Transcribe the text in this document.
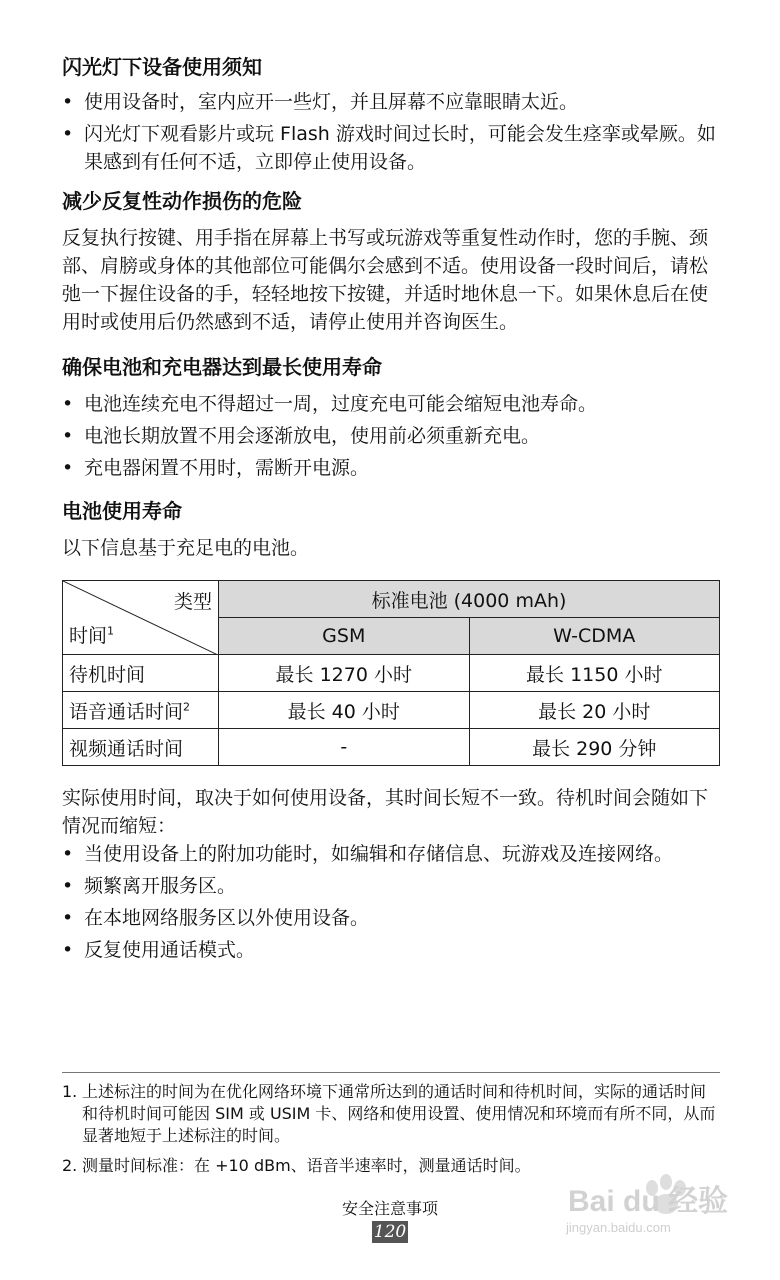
闪光灯下设备使用须知
• 使用设备时，室内应开一些灯，并且屏幕不应靠眼睛太近。
• 闪光灯下观看影片或玩 Flash 游戏时间过长时，可能会发生痉挛或晕厥。如果感到有任何不适，立即停止使用设备。
减少反复性动作损伤的危险

反复执行按键、用手指在屏幕上书写或玩游戏等重复性动作时，您的手腕、颈部、肩膀或身体的其他部位可能偶尔会感到不适。使用设备一段时间后，请松弛一下握住设备的手，轻轻地按下按键，并适时地休息一下。如果休息后在使用时或使用后仍然感到不适，请停止使用并咨询医生。

确保电池和充电器达到最长使用寿命
• 电池连续充电不得超过一周，过度充电可能会缩短电池寿命。
• 电池长期放置不用会逐渐放电，使用前必须重新充电。
• 充电器闲置不用时，需断开电源。
电池使用寿命

以下信息基于充足电的电池。

类型
时间$^1$	标准电池 (4000 mAh)	
	GSM	W-CDMA
待机时间	最长 1270 小时	最长 1150 小时
语音通话时间$^2$	最长 40 小时	最长 20 小时
视频通话时间	-	最长 290 分钟

实际使用时间，取决于如何使用设备，其时间长短不一致。待机时间会随如下情况而缩短：

• 当使用设备上的附加功能时，如编辑和存储信息、玩游戏及连接网络。
• 频繁离开服务区。
• 在本地网络服务区以外使用设备。
• 反复使用通话模式。
1. 上述标注的时间为在优化网络环境下通常所达到的通话时间和待机时间，实际的通话时间和待机时间可能因 SIM 或 USIM 卡、网络和使用设置、使用情况和环境而有所不同，从而显著地短于上述标注的时间。
2. 测量时间标准：在 +10 dBm、语音半速率时，测量通话时间。
安全注意事项
120
Bai du 经验
jingyan.baidu.com
